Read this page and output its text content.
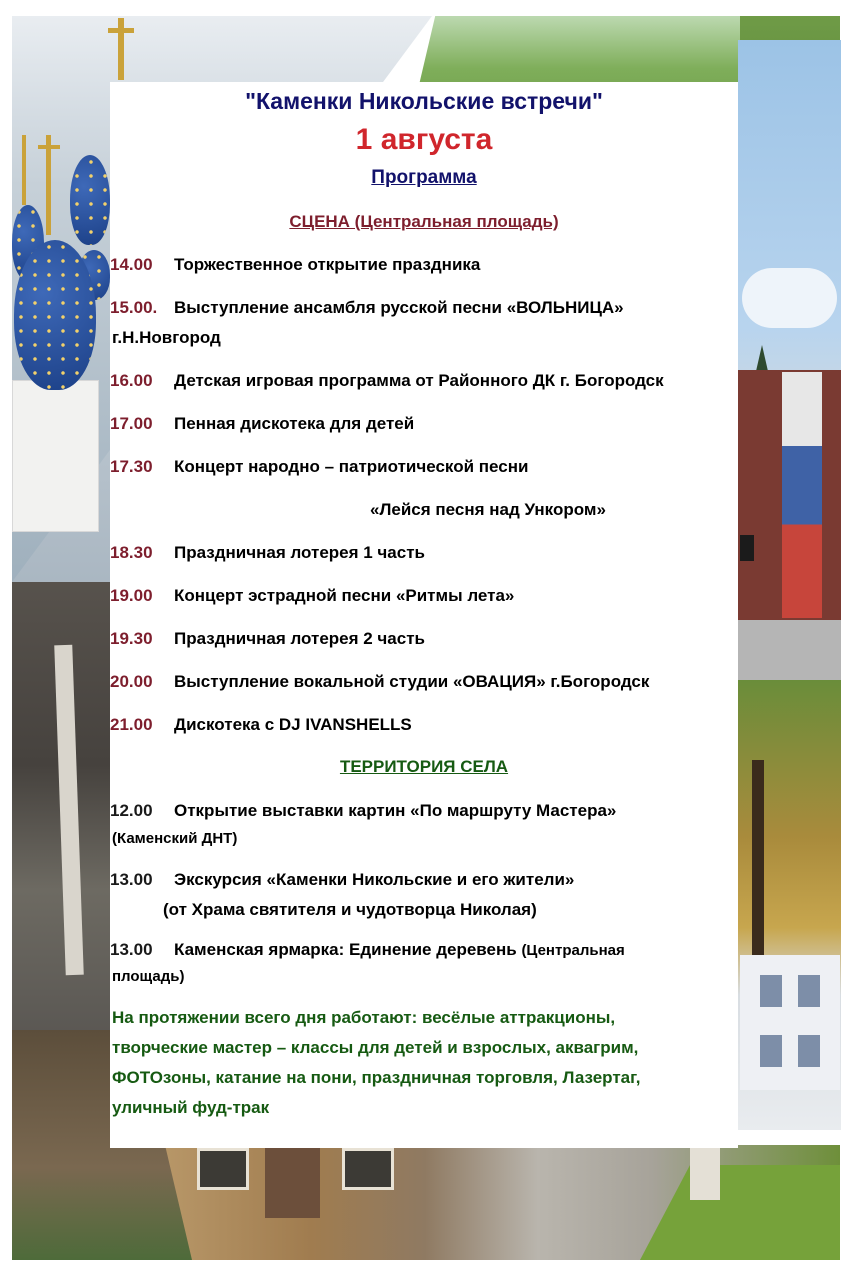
"Каменки Никольские встречи"

1 августа

Программа

СЦЕНА (Центральная площадь)

14.00 Торжественное открытие праздника

15.00. Выступление ансамбля русской песни «ВОЛЬНИЦА»

г.Н.Новгород

16.00 Детская игровая программа от Районного ДК г. Богородск

17.00 Пенная дискотека для детей

17.30 Концерт народно – патриотической песни

«Лейся песня над Ункором»

18.30 Праздничная лотерея 1 часть

19.00 Концерт эстрадной песни «Ритмы лета»

19.30 Праздничная лотерея 2 часть

20.00 Выступление вокальной студии «ОВАЦИЯ» г.Богородск

21.00 Дискотека с DJ IVANSHELLS

ТЕРРИТОРИЯ СЕЛА

12.00 Открытие выставки картин «По маршруту Мастера»

(Каменский ДНТ)

13.00 Экскурсия «Каменки Никольские и его жители»

(от Храма святителя и чудотворца Николая)

13.00 Каменская ярмарка: Единение деревень (Центральная

площадь)

На протяжении всего дня работают: весёлые аттракционы,

творческие мастер – классы для детей и взрослых, аквагрим,

ФОТОзоны, катание на пони, праздничная торговля, Лазертаг,

уличный фуд-трак
